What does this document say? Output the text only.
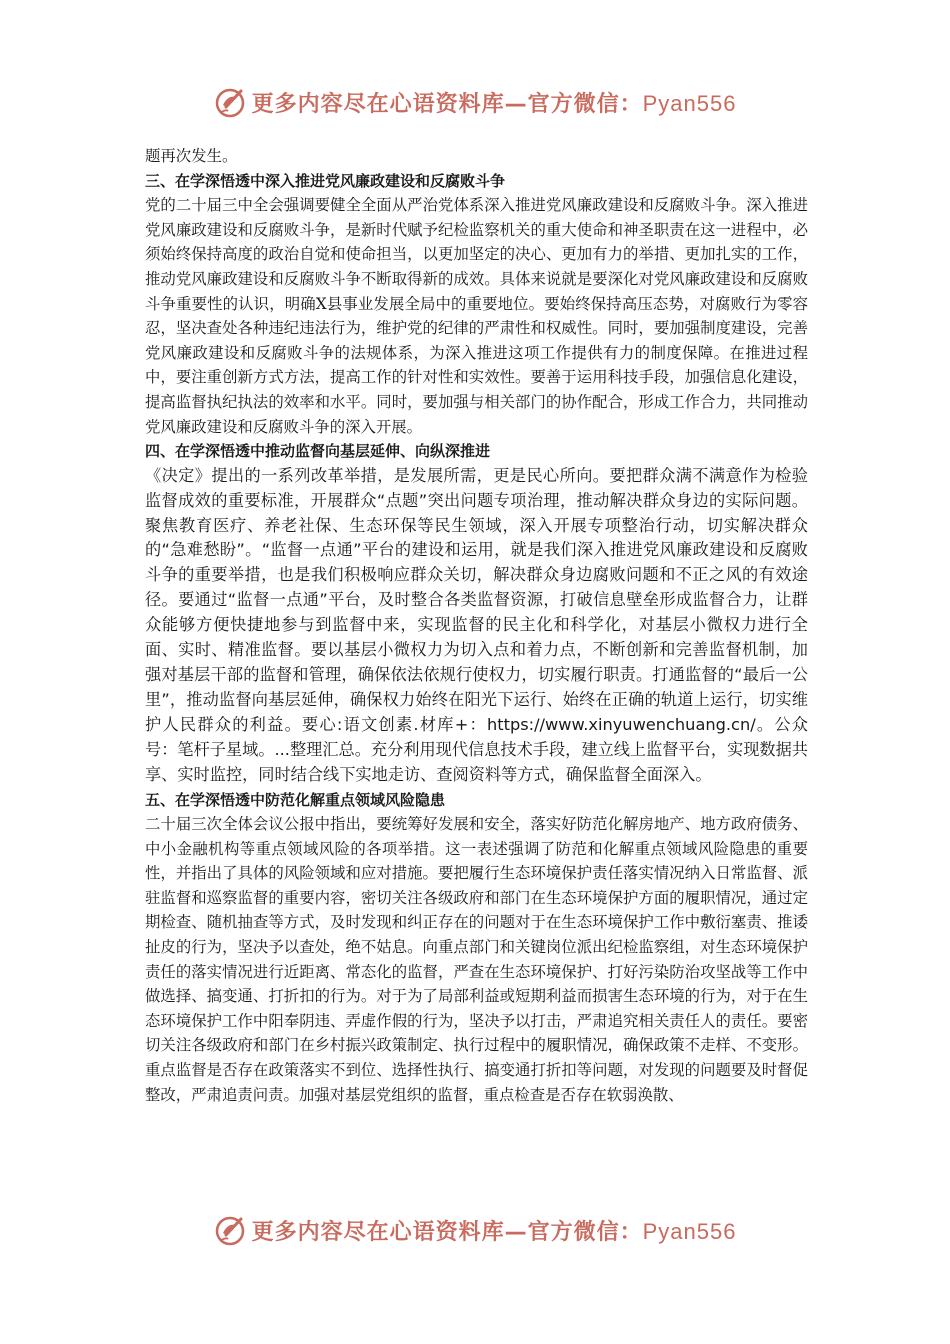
更多内容尽在心语资料库—官方微信：Pyan556

题再次发生。

三、在学深悟透中深入推进党风廉政建设和反腐败斗争

党的二十届三中全会强调要健全全面从严治党体系深入推进党风廉政建设和反腐败斗争。深入推进党风廉政建设和反腐败斗争，是新时代赋予纪检监察机关的重大使命和神圣职责在这一进程中，必须始终保持高度的政治自觉和使命担当，以更加坚定的决心、更加有力的举措、更加扎实的工作，推动党风廉政建设和反腐败斗争不断取得新的成效。具体来说就是要深化对党风廉政建设和反腐败斗争重要性的认识，明确X县事业发展全局中的重要地位。要始终保持高压态势，对腐败行为零容忍，坚决查处各种违纪违法行为，维护党的纪律的严肃性和权威性。同时，要加强制度建设，完善党风廉政建设和反腐败斗争的法规体系，为深入推进这项工作提供有力的制度保障。在推进过程中，要注重创新方式方法，提高工作的针对性和实效性。要善于运用科技手段，加强信息化建设，提高监督执纪执法的效率和水平。同时，要加强与相关部门的协作配合，形成工作合力，共同推动党风廉政建设和反腐败斗争的深入开展。

四、在学深悟透中推动监督向基层延伸、向纵深推进

《决定》提出的一系列改革举措，是发展所需，更是民心所向。要把群众满不满意作为检验监督成效的重要标准，开展群众“点题”突出问题专项治理，推动解决群众身边的实际问题。聚焦教育医疗、养老社保、生态环保等民生领域，深入开展专项整治行动，切实解决群众的“急难愁盼”。“监督一点通”平台的建设和运用，就是我们深入推进党风廉政建设和反腐败斗争的重要举措，也是我们积极响应群众关切，解决群众身边腐败问题和不正之风的有效途径。要通过“监督一点通”平台，及时整合各类监督资源，打破信息壁垒形成监督合力，让群众能够方便快捷地参与到监督中来，实现监督的民主化和科学化，对基层小微权力进行全面、实时、精准监督。要以基层小微权力为切入点和着力点，不断创新和完善监督机制，加强对基层干部的监督和管理，确保依法依规行使权力，切实履行职责。打通监督的“最后一公里”，推动监督向基层延伸，确保权力始终在阳光下运行、始终在正确的轨道上运行，切实维护人民群众的利益。要心:语文创素.材库+：https://www.xinyuwenchuang.cn/。公众号：笔杆子星域。...整理汇总。充分利用现代信息技术手段，建立线上监督平台，实现数据共享、实时监控，同时结合线下实地走访、查阅资料等方式，确保监督全面深入。

五、在学深悟透中防范化解重点领域风险隐患

二十届三次全体会议公报中指出，要统筹好发展和安全，落实好防范化解房地产、地方政府债务、中小金融机构等重点领域风险的各项举措。这一表述强调了防范和化解重点领域风险隐患的重要性，并指出了具体的风险领域和应对措施。要把履行生态环境保护责任落实情况纳入日常监督、派驻监督和巡察监督的重要内容，密切关注各级政府和部门在生态环境保护方面的履职情况，通过定期检查、随机抽查等方式，及时发现和纠正存在的问题对于在生态环境保护工作中敷衍塞责、推诿扯皮的行为，坚决予以查处，绝不姑息。向重点部门和关键岗位派出纪检监察组，对生态环境保护责任的落实情况进行近距离、常态化的监督，严查在生态环境保护、打好污染防治攻坚战等工作中做选择、搞变通、打折扣的行为。对于为了局部利益或短期利益而损害生态环境的行为，对于在生态环境保护工作中阳奉阴违、弄虚作假的行为，坚决予以打击，严肃追究相关责任人的责任。要密切关注各级政府和部门在乡村振兴政策制定、执行过程中的履职情况，确保政策不走样、不变形。重点监督是否存在政策落实不到位、选择性执行、搞变通打折扣等问题，对发现的问题要及时督促整改，严肃追责问责。加强对基层党组织的监督，重点检查是否存在软弱涣散、

更多内容尽在心语资料库—官方微信：Pyan556
